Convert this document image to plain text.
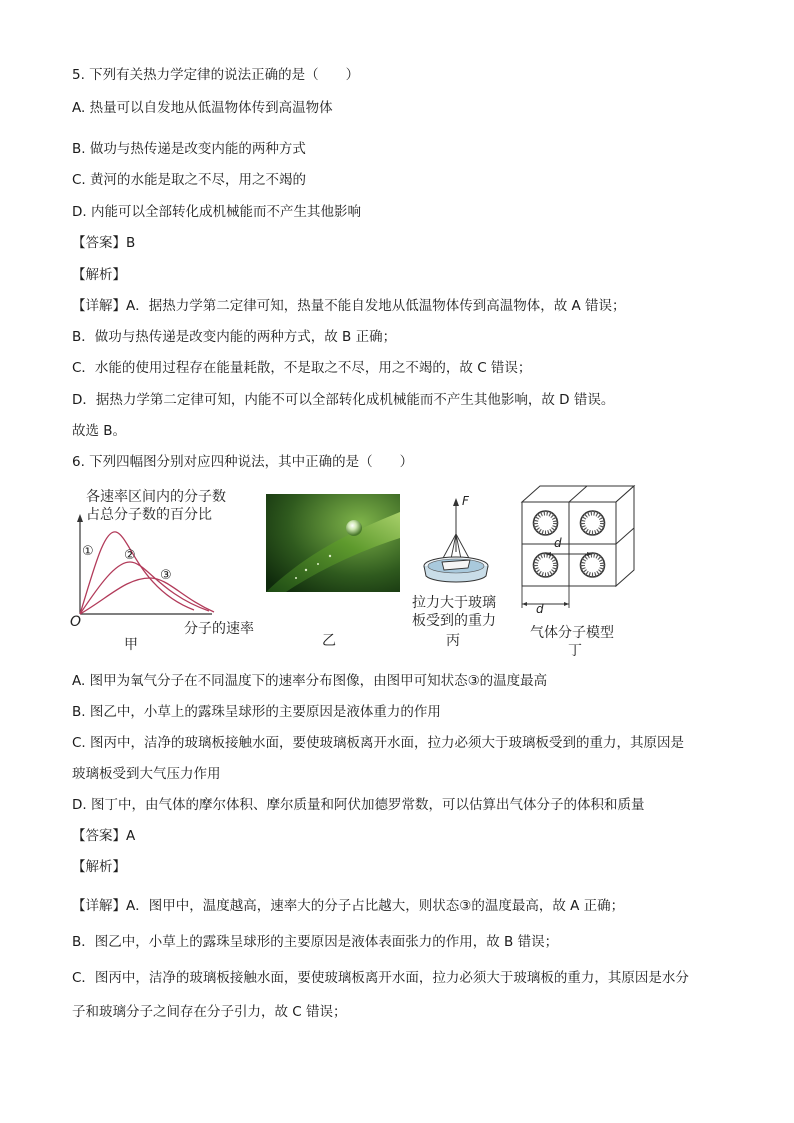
5. 下列有关热力学定律的说法正确的是（　　）
A. 热量可以自发地从低温物体传到高温物体
B. 做功与热传递是改变内能的两种方式
C. 黄河的水能是取之不尽，用之不竭的
D. 内能可以全部转化成机械能而不产生其他影响
【答案】B
【解析】
【详解】A．据热力学第二定律可知，热量不能自发地从低温物体传到高温物体，故 A 错误；
B．做功与热传递是改变内能的两种方式，故 B 正确；
C．水能的使用过程存在能量耗散，不是取之不尽，用之不竭的，故 C 错误；
D．据热力学第二定律可知，内能不可以全部转化成机械能而不产生其他影响，故 D 错误。
故选 B。
6. 下列四幅图分别对应四种说法，其中正确的是（　　）
各速率区间内的分子数
占总分子数的百分比
① ②
③
O	分子的速率
甲	乙
F
拉力大于玻璃
板受到的重力
丙
d
d
气体分子模型
丁
A. 图甲为氧气分子在不同温度下的速率分布图像，由图甲可知状态③的温度最高
B. 图乙中，小草上的露珠呈球形的主要原因是液体重力的作用
C. 图丙中，洁净的玻璃板接触水面，要使玻璃板离开水面，拉力必须大于玻璃板受到的重力，其原因是
玻璃板受到大气压力作用
D. 图丁中，由气体的摩尔体积、摩尔质量和阿伏加德罗常数，可以估算出气体分子的体积和质量
【答案】A
【解析】
【详解】A．图甲中，温度越高，速率大的分子占比越大，则状态③的温度最高，故 A 正确；
B．图乙中，小草上的露珠呈球形的主要原因是液体表面张力的作用，故 B 错误；
C．图丙中，洁净的玻璃板接触水面，要使玻璃板离开水面，拉力必须大于玻璃板的重力，其原因是水分
子和玻璃分子之间存在分子引力，故 C 错误；
